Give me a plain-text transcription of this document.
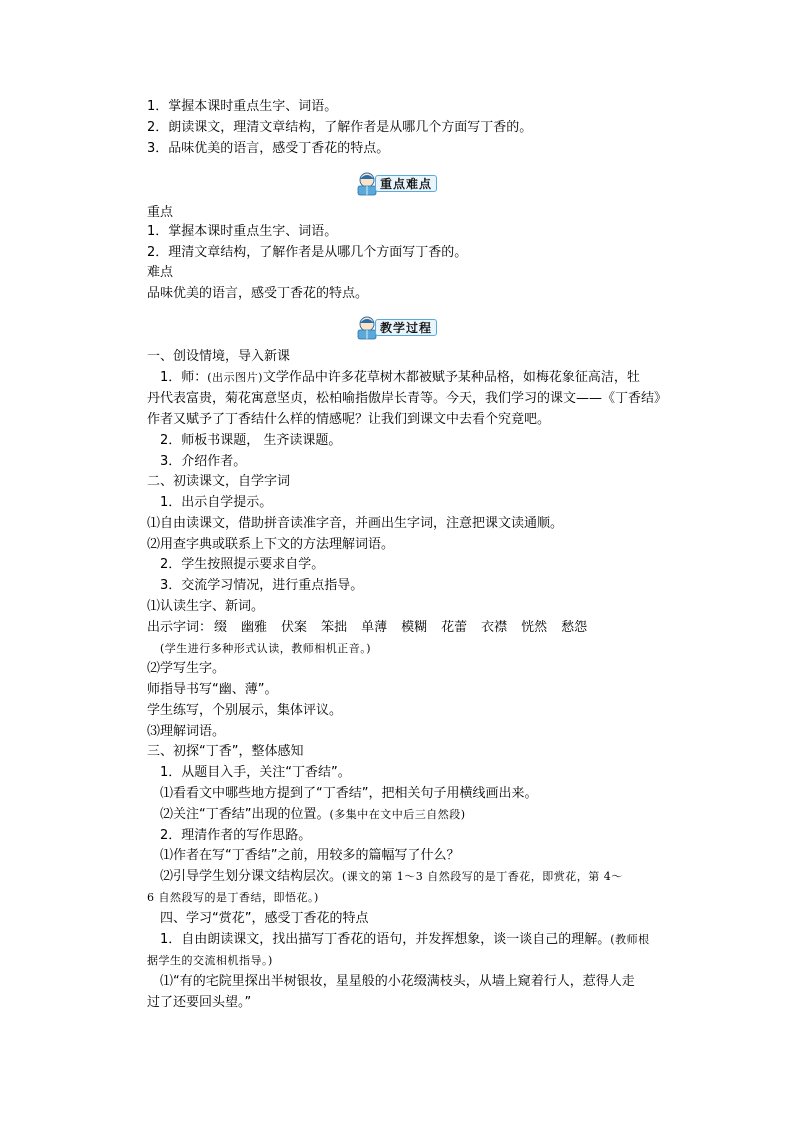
1．掌握本课时重点生字、词语。
2．朗读课文，理清文章结构，了解作者是从哪几个方面写丁香的。
3．品味优美的语言，感受丁香花的特点。
重点难点
重点
1．掌握本课时重点生字、词语。
2．理清文章结构，了解作者是从哪几个方面写丁香的。
难点
品味优美的语言，感受丁香花的特点。
教学过程
一、创设情境，导入新课
1．师：(出示图片)文学作品中许多花草树木都被赋予某种品格，如梅花象征高洁，牡
丹代表富贵，菊花寓意坚贞，松柏喻指傲岸长青等。今天，我们学习的课文——《丁香结》
作者又赋予了丁香结什么样的情感呢？让我们到课文中去看个究竟吧。
2．师板书课题， 生齐读课题。
3．介绍作者。
二、初读课文，自学字词
1．出示自学提示。
⑴自由读课文，借助拼音读准字音，并画出生字词，注意把课文读通顺。
⑵用查字典或联系上下文的方法理解词语。
2．学生按照提示要求自学。
3．交流学习情况，进行重点指导。
⑴认读生字、新词。
出示字词： 缀 幽雅 伏案 笨拙 单薄 模糊 花蕾 衣襟 恍然 愁怨
(学生进行多种形式认读，教师相机正音。)
⑵学写生字。
师指导书写“幽、薄”。
学生练写，个别展示，集体评议。
⑶理解词语。
三、初探“丁香”，整体感知
1．从题目入手，关注“丁香结”。
⑴看看文中哪些地方提到了“丁香结”，把相关句子用横线画出来。
⑵关注“丁香结”出现的位置。(多集中在文中后三自然段)
2．理清作者的写作思路。
⑴作者在写“丁香结”之前，用较多的篇幅写了什么？
⑵引导学生划分课文结构层次。(课文的第 1～3 自然段写的是丁香花，即赏花，第 4～
6 自然段写的是丁香结，即悟花。)
四、学习“赏花”，感受丁香花的特点
1．自由朗读课文，找出描写丁香花的语句，并发挥想象，谈一谈自己的理解。(教师根
据学生的交流相机指导。)
⑴“有的宅院里探出半树银妆，星星般的小花缀满枝头，从墙上窥着行人，惹得人走
过了还要回头望。”
